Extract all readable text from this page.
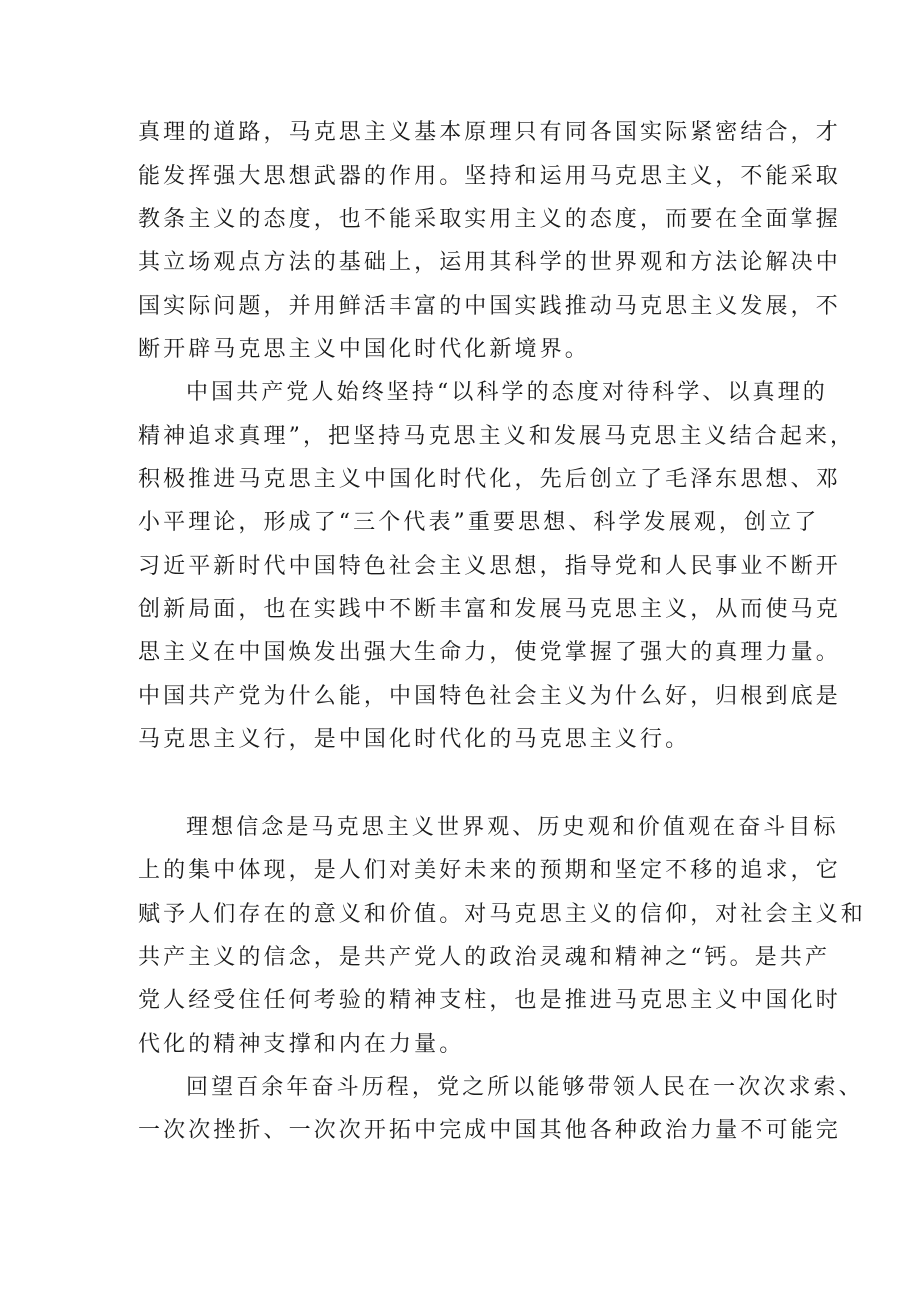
真理的道路，马克思主义基本原理只有同各国实际紧密结合，才
能发挥强大思想武器的作用。坚持和运用马克思主义，不能采取
教条主义的态度，也不能采取实用主义的态度，而要在全面掌握
其立场观点方法的基础上，运用其科学的世界观和方法论解决中
国实际问题，并用鲜活丰富的中国实践推动马克思主义发展，不
断开辟马克思主义中国化时代化新境界。
中国共产党人始终坚持“以科学的态度对待科学、以真理的
精神追求真理”，把坚持马克思主义和发展马克思主义结合起来，
积极推进马克思主义中国化时代化，先后创立了毛泽东思想、邓
小平理论，形成了“三个代表”重要思想、科学发展观，创立了
习近平新时代中国特色社会主义思想，指导党和人民事业不断开
创新局面，也在实践中不断丰富和发展马克思主义，从而使马克
思主义在中国焕发出强大生命力，使党掌握了强大的真理力量。
中国共产党为什么能，中国特色社会主义为什么好，归根到底是
马克思主义行，是中国化时代化的马克思主义行。
理想信念是马克思主义世界观、历史观和价值观在奋斗目标
上的集中体现，是人们对美好未来的预期和坚定不移的追求，它
赋予人们存在的意义和价值。对马克思主义的信仰，对社会主义和
共产主义的信念，是共产党人的政治灵魂和精神之“钙。是共产
党人经受住任何考验的精神支柱，也是推进马克思主义中国化时
代化的精神支撑和内在力量。
回望百余年奋斗历程，党之所以能够带领人民在一次次求索、
一次次挫折、一次次开拓中完成中国其他各种政治力量不可能完
